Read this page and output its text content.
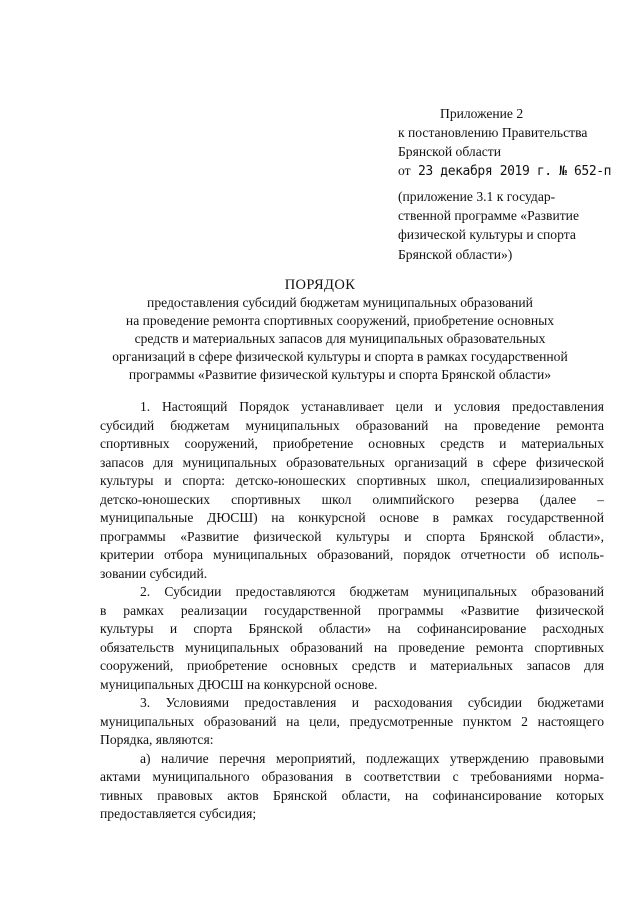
Приложение 2
к постановлению Правительства
Брянской области
от 23 декабря 2019 г. № 652-п
(приложение 3.1 к государ-
ственной программе «Развитие
физической культуры и спорта
Брянской области»)
ПОРЯДОК
предоставления субсидий бюджетам муниципальных образований
на проведение ремонта спортивных сооружений, приобретение основных
средств и материальных запасов для муниципальных образовательных
организаций в сфере физической культуры и спорта в рамках государственной
программы «Развитие физической культуры и спорта Брянской области»
1. Настоящий Порядок устанавливает цели и условия предоставления
субсидий бюджетам муниципальных образований на проведение ремонта
спортивных сооружений, приобретение основных средств и материальных
запасов для муниципальных образовательных организаций в сфере физической
культуры и спорта: детско-юношеских спортивных школ, специализированных
детско-юношеских спортивных школ олимпийского резерва (далее –
муниципальные ДЮСШ) на конкурсной основе в рамках государственной
программы «Развитие физической культуры и спорта Брянской области»,
критерии отбора муниципальных образований, порядок отчетности об исполь-
зовании субсидий.
2. Субсидии предоставляются бюджетам муниципальных образований
в рамках реализации государственной программы «Развитие физической
культуры и спорта Брянской области» на софинансирование расходных
обязательств муниципальных образований на проведение ремонта спортивных
сооружений, приобретение основных средств и материальных запасов для
муниципальных ДЮСШ на конкурсной основе.
3. Условиями предоставления и расходования субсидии бюджетами
муниципальных образований на цели, предусмотренные пунктом 2 настоящего
Порядка, являются:
а) наличие перечня мероприятий, подлежащих утверждению правовыми
актами муниципального образования в соответствии с требованиями норма-
тивных правовых актов Брянской области, на софинансирование которых
предоставляется субсидия;
